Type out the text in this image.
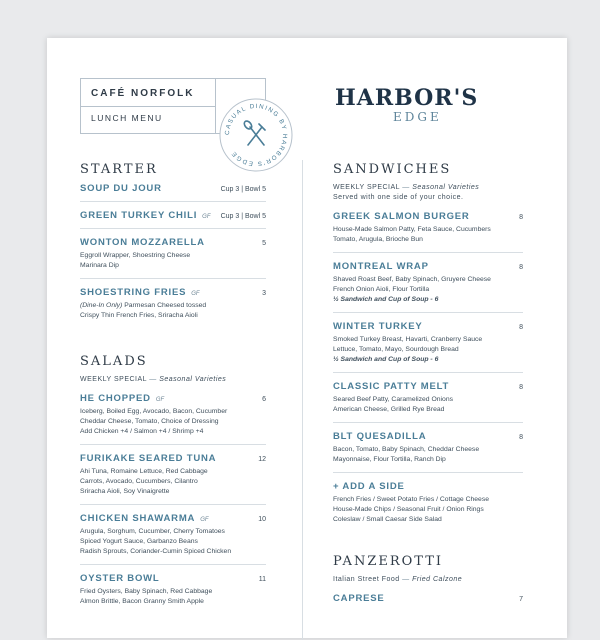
CAFÉ NORFOLK
LUNCH MENU
CASUAL DINING BY HARBOR'S EDGE
HARBOR'S
EDGE
STARTER
SOUP DU JOUR	Cup 3 | Bowl 5
GREEN TURKEY CHILI GF Cup 3 | Bowl 5
WONTON MOZZARELLA	5
Eggroll Wrapper, Shoestring Cheese
Marinara Dip
SHOESTRING FRIES GF	3
(Dine-In Only) Parmesan Cheesed tossed
Crispy Thin French Fries, Sriracha Aioli
SALADS
WEEKLY SPECIAL — Seasonal Varieties
HE CHOPPED GF	6
Iceberg, Boiled Egg, Avocado, Bacon, Cucumber
Cheddar Cheese, Tomato, Choice of Dressing
Add Chicken +4 / Salmon +4 / Shrimp +4
FURIKAKE SEARED TUNA	12
Ahi Tuna, Romaine Lettuce, Red Cabbage
Carrots, Avocado, Cucumbers, Cilantro
Sriracha Aioli, Soy Vinaigrette
CHICKEN SHAWARMA GF	10
Arugula, Sorghum, Cucumber, Cherry Tomatoes
Spiced Yogurt Sauce, Garbanzo Beans
Radish Sprouts, Coriander-Cumin Spiced Chicken
OYSTER BOWL	11
Fried Oysters, Baby Spinach, Red Cabbage
Almon Brittle, Bacon Granny Smith Apple
SANDWICHES
WEEKLY SPECIAL — Seasonal Varieties
Served with one side of your choice.
GREEK SALMON BURGER	8
House-Made Salmon Patty, Feta Sauce, Cucumbers
Tomato, Arugula, Brioche Bun
MONTREAL WRAP	8
Shaved Roast Beef, Baby Spinach, Gruyere Cheese
French Onion Aioli, Flour Tortilla
½ Sandwich and Cup of Soup - 6
WINTER TURKEY	8
Smoked Turkey Breast, Havarti, Cranberry Sauce
Lettuce, Tomato, Mayo, Sourdough Bread
½ Sandwich and Cup of Soup - 6
CLASSIC PATTY MELT	8
Seared Beef Patty, Caramelized Onions
American Cheese, Grilled Rye Bread
BLT QUESADILLA	8
Bacon, Tomato, Baby Spinach, Cheddar Cheese
Mayonnaise, Flour Tortilla, Ranch Dip
+ ADD A SIDE
French Fries / Sweet Potato Fries / Cottage Cheese
House-Made Chips / Seasonal Fruit / Onion Rings
Coleslaw / Small Caesar Side Salad
PANZEROTTI
Italian Street Food — Fried Calzone
CAPRESE	7
